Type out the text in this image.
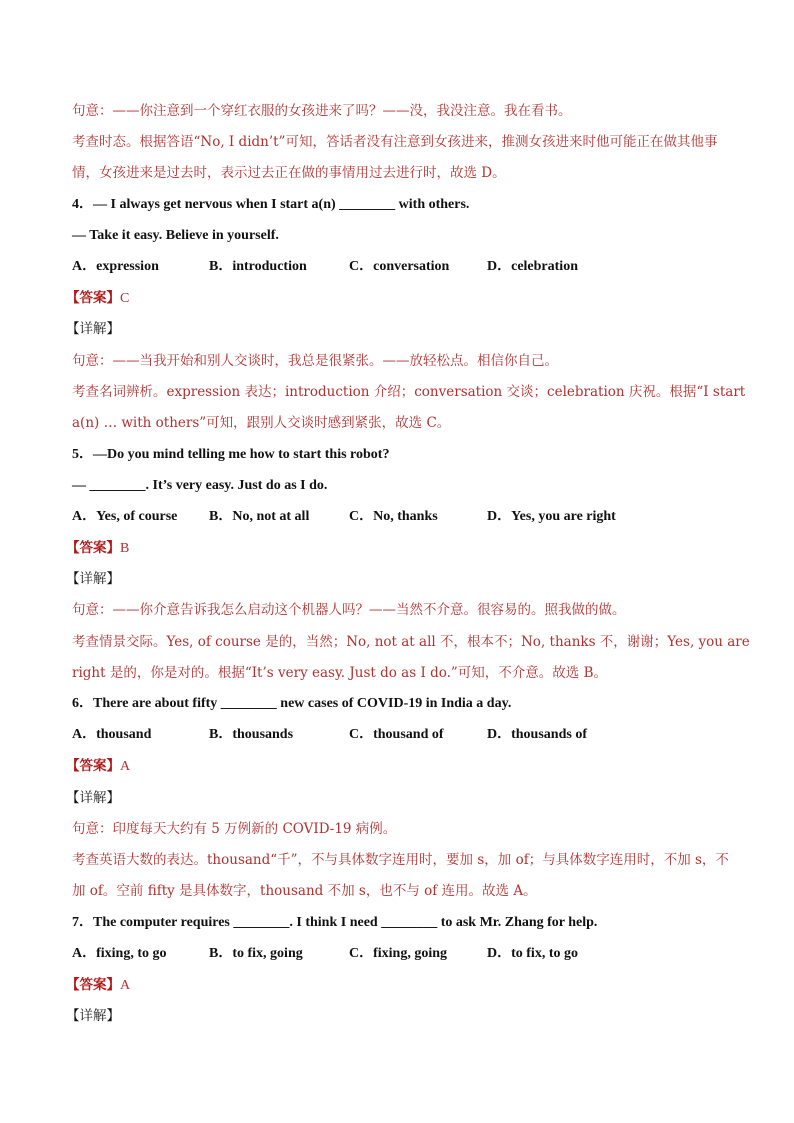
句意：——你注意到一个穿红衣服的女孩进来了吗？——没，我没注意。我在看书。
考查时态。根据答语“No, I didn’t”可知，答话者没有注意到女孩进来，推测女孩进来时他可能正在做其他事
情，女孩进来是过去时，表示过去正在做的事情用过去进行时，故选 D。
4．— I always get nervous when I start a(n) ________ with others.
— Take it easy. Believe in yourself.
A．expression	B．introduction	C．conversation	D．celebration
【答案】C
【详解】
句意：——当我开始和别人交谈时，我总是很紧张。——放轻松点。相信你自己。
考查名词辨析。expression 表达；introduction 介绍；conversation 交谈；celebration 庆祝。根据“I start
a(n) … with others”可知，跟别人交谈时感到紧张，故选 C。
5．—Do you mind telling me how to start this robot?
— ________. It’s very easy. Just do as I do.
A．Yes, of course B．No, not at all	C．No, thanks	D．Yes, you are right
【答案】B
【详解】
句意：——你介意告诉我怎么启动这个机器人吗？——当然不介意。很容易的。照我做的做。
考查情景交际。Yes, of course 是的，当然；No, not at all 不，根本不；No, thanks 不，谢谢；Yes, you are
right 是的，你是对的。根据“It’s very easy. Just do as I do.”可知，不介意。故选 B。
6．There are about fifty ________ new cases of COVID-19 in India a day.
A．thousand	B．thousands	C．thousand of	D．thousands of
【答案】A
【详解】
句意：印度每天大约有 5 万例新的 COVID-19 病例。
考查英语大数的表达。thousand“千”，不与具体数字连用时，要加 s，加 of；与具体数字连用时，不加 s，不
加 of。空前 fifty 是具体数字，thousand 不加 s，也不与 of 连用。故选 A。
7．The computer requires ________. I think I need ________ to ask Mr. Zhang for help.
A．fixing, to go	B．to fix, going	C．fixing, going	D．to fix, to go
【答案】A
【详解】
